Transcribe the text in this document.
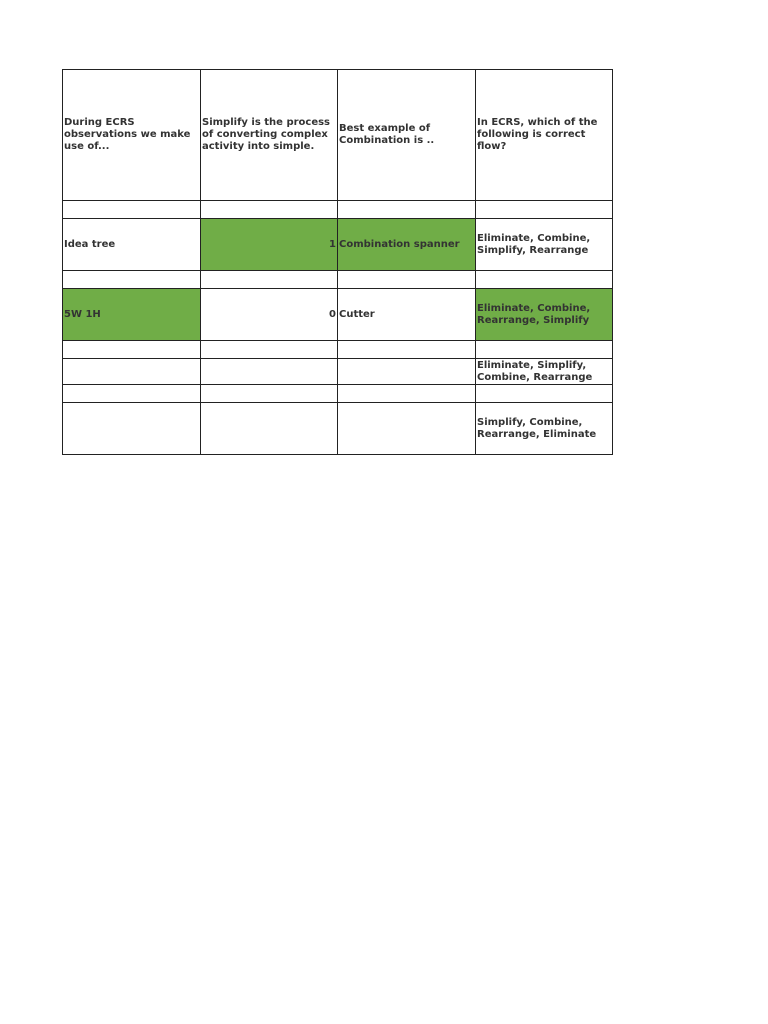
During ECRS observations we make use of...	Simplify is the process of converting complex activity into simple.	Best example of Combination is ..	In ECRS, which of the following is correct flow?

Idea tree	1	Combination spanner	Eliminate, Combine, Simplify, Rearrange

5W 1H	0	Cutter	Eliminate, Combine, Rearrange, Simplify

			Eliminate, Simplify, Combine, Rearrange

			Simplify, Combine, Rearrange, Eliminate
